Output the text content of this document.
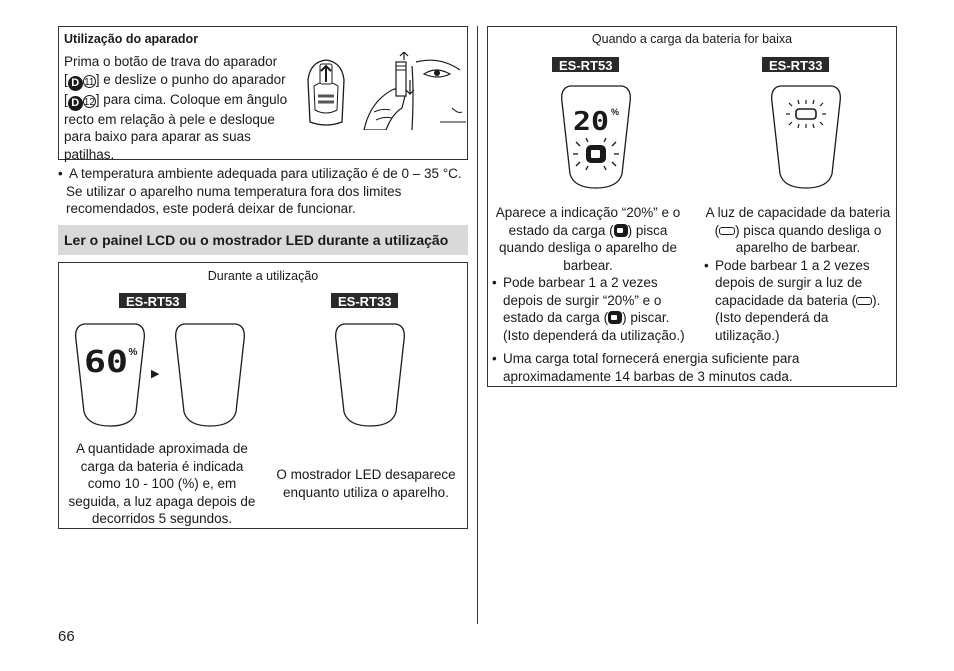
Utilização do aparador
Prima o botão de trava do aparador
[ D 11] e deslize o punho do aparador
[ D 12] para cima. Coloque em ângulo
recto em relação à pele e desloque
para baixo para aparar as suas
patilhas.
• A temperatura ambiente adequada para utilização é de 0 – 35 °C.
Se utilizar o aparelho numa temperatura fora dos limites
recomendados, este poderá deixar de funcionar.
Ler o painel LCD ou o mostrador LED durante a utilização
Durante a utilização
ES-RT53	ES-RT33
60 %
▶
A quantidade aproximada de
carga da bateria é indicada
como 10 - 100 (%) e, em
seguida, a luz apaga depois de
decorridos 5 segundos.
O mostrador LED desaparece
enquanto utiliza o aparelho.
Quando a carga da bateria for baixa
ES-RT53	ES-RT33
20 %
Aparece a indicação “20%” e o
estado da carga ( ) pisca
quando desliga o aparelho de
barbear.
• Pode barbear 1 a 2 vezes
depois de surgir “20%” e o
estado da carga ( ) piscar.
(Isto dependerá da utilização.)
A luz de capacidade da bateria
( ) pisca quando desliga o
aparelho de barbear.
• Pode barbear 1 a 2 vezes
depois de surgir a luz de
capacidade da bateria ( ).
(Isto dependerá da utilização.)
• Uma carga total fornecerá energia suficiente para
aproximadamente 14 barbas de 3 minutos cada.
66
